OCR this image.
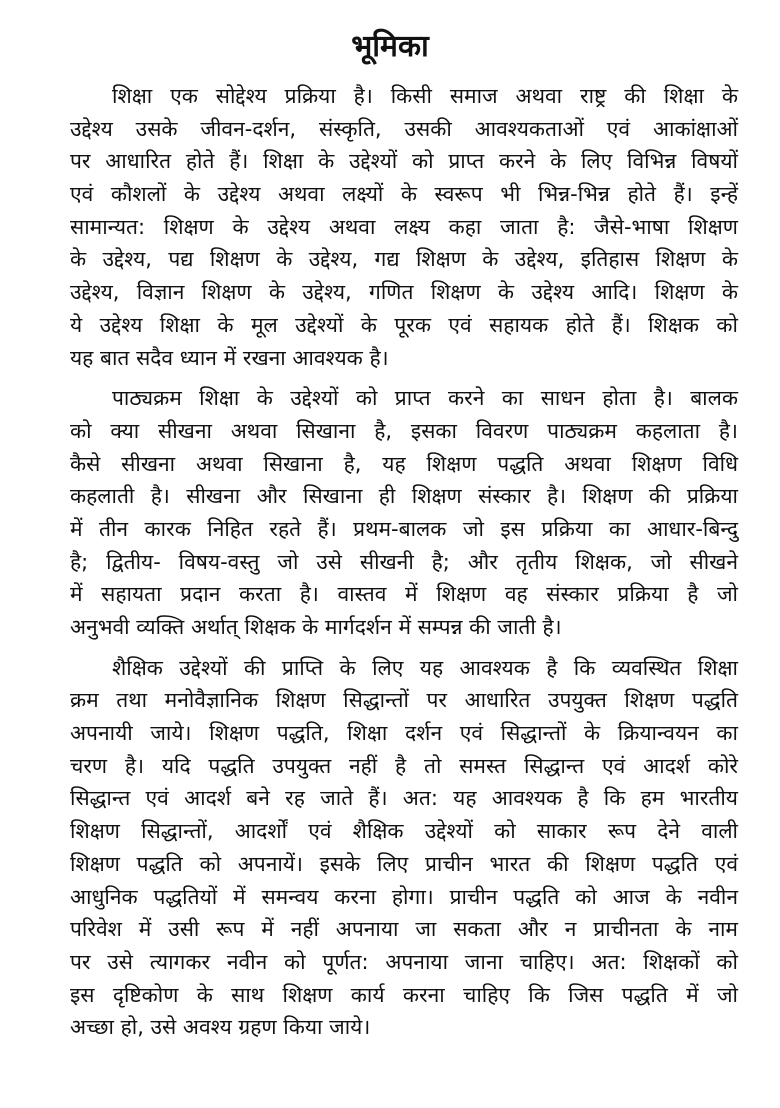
भूमिका
शिक्षा एक सोद्देश्य प्रक्रिया है। किसी समाज अथवा राष्ट्र की शिक्षा के
उद्देश्य उसके जीवन-दर्शन, संस्कृति, उसकी आवश्यकताओं एवं आकांक्षाओं
पर आधारित होते हैं। शिक्षा के उद्देश्यों को प्राप्त करने के लिए विभिन्न विषयों
एवं कौशलों के उद्देश्य अथवा लक्ष्यों के स्वरूप भी भिन्न-भिन्न होते हैं। इन्हें
सामान्यत: शिक्षण के उद्देश्य अथवा लक्ष्य कहा जाता है: जैसे-भाषा शिक्षण
के उद्देश्य, पद्य शिक्षण के उद्देश्य, गद्य शिक्षण के उद्देश्य, इतिहास शिक्षण के
उद्देश्य, विज्ञान शिक्षण के उद्देश्य, गणित शिक्षण के उद्देश्य आदि। शिक्षण के
ये उद्देश्य शिक्षा के मूल उद्देश्यों के पूरक एवं सहायक होते हैं। शिक्षक को
यह बात सदैव ध्यान में रखना आवश्यक है।
पाठ्यक्रम शिक्षा के उद्देश्यों को प्राप्त करने का साधन होता है। बालक
को क्या सीखना अथवा सिखाना है, इसका विवरण पाठ्यक्रम कहलाता है।
कैसे सीखना अथवा सिखाना है, यह शिक्षण पद्धति अथवा शिक्षण विधि
कहलाती है। सीखना और सिखाना ही शिक्षण संस्कार है। शिक्षण की प्रक्रिया
में तीन कारक निहित रहते हैं। प्रथम-बालक जो इस प्रक्रिया का आधार-बिन्दु
है; द्वितीय- विषय-वस्तु जो उसे सीखनी है; और तृतीय शिक्षक, जो सीखने
में सहायता प्रदान करता है। वास्तव में शिक्षण वह संस्कार प्रक्रिया है जो
अनुभवी व्यक्ति अर्थात् शिक्षक के मार्गदर्शन में सम्पन्न की जाती है।
शैक्षिक उद्देश्यों की प्राप्ति के लिए यह आवश्यक है कि व्यवस्थित शिक्षा
क्रम तथा मनोवैज्ञानिक शिक्षण सिद्धान्तों पर आधारित उपयुक्त शिक्षण पद्धति
अपनायी जाये। शिक्षण पद्धति, शिक्षा दर्शन एवं सिद्धान्तों के क्रियान्वयन का
चरण है। यदि पद्धति उपयुक्त नहीं है तो समस्त सिद्धान्त एवं आदर्श कोरे
सिद्धान्त एवं आदर्श बने रह जाते हैं। अत: यह आवश्यक है कि हम भारतीय
शिक्षण सिद्धान्तों, आदर्शों एवं शैक्षिक उद्देश्यों को साकार रूप देने वाली
शिक्षण पद्धति को अपनायें। इसके लिए प्राचीन भारत की शिक्षण पद्धति एवं
आधुनिक पद्धतियों में समन्वय करना होगा। प्राचीन पद्धति को आज के नवीन
परिवेश में उसी रूप में नहीं अपनाया जा सकता और न प्राचीनता के नाम
पर उसे त्यागकर नवीन को पूर्णत: अपनाया जाना चाहिए। अत: शिक्षकों को
इस दृष्टिकोण के साथ शिक्षण कार्य करना चाहिए कि जिस पद्धति में जो
अच्छा हो, उसे अवश्य ग्रहण किया जाये।
